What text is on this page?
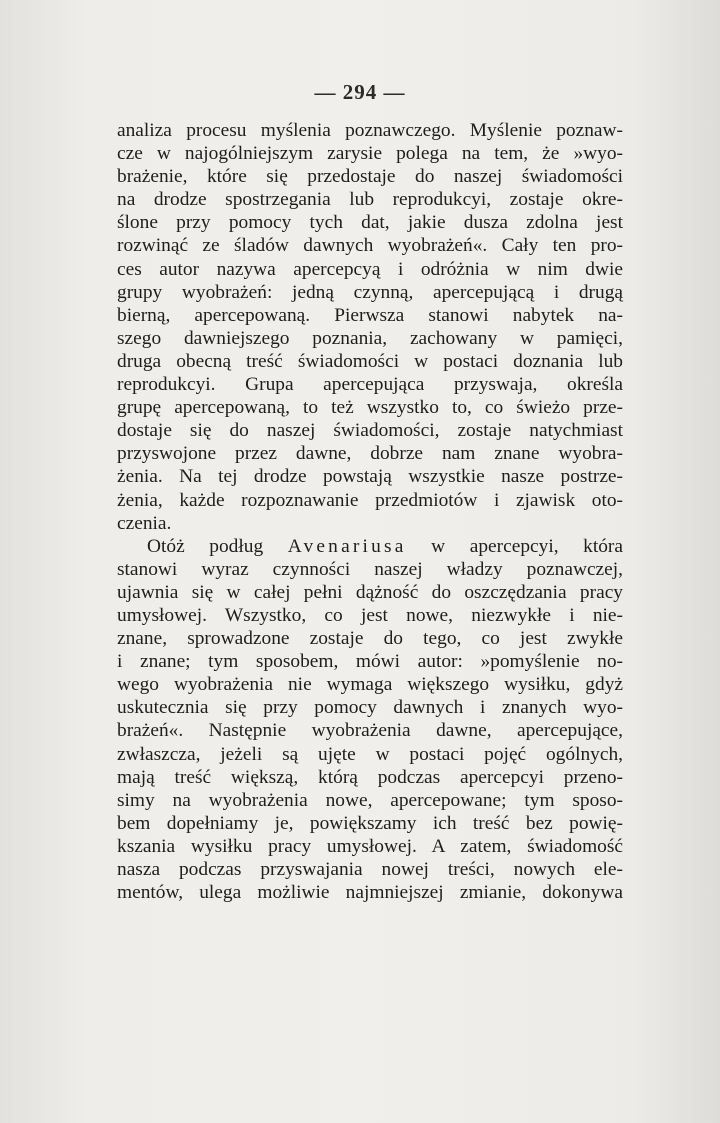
— 294 —
analiza procesu myślenia poznawczego. Myślenie poznaw-
cze w najogólniejszym zarysie polega na tem, że »wyo-
brażenie, które się przedostaje do naszej świadomości
na drodze spostrzegania lub reprodukcyi, zostaje okre-
ślone przy pomocy tych dat, jakie dusza zdolna jest
rozwinąć ze śladów dawnych wyobrażeń«. Cały ten pro-
ces autor nazywa apercepcyą i odróżnia w nim dwie
grupy wyobrażeń: jedną czynną, apercepującą i drugą
bierną, apercepowaną. Pierwsza stanowi nabytek na-
szego dawniejszego poznania, zachowany w pamięci,
druga obecną treść świadomości w postaci doznania lub
reprodukcyi. Grupa apercepująca przyswaja, określa
grupę apercepowaną, to też wszystko to, co świeżo prze-
dostaje się do naszej świadomości, zostaje natychmiast
przyswojone przez dawne, dobrze nam znane wyobra-
żenia. Na tej drodze powstają wszystkie nasze postrze-
żenia, każde rozpoznawanie przedmiotów i zjawisk oto-
czenia.
Otóż podług Avenariusa w apercepcyi, która
stanowi wyraz czynności naszej władzy poznawczej,
ujawnia się w całej pełni dążność do oszczędzania pracy
umysłowej. Wszystko, co jest nowe, niezwykłe i nie-
znane, sprowadzone zostaje do tego, co jest zwykłe
i znane; tym sposobem, mówi autor: »pomyślenie no-
wego wyobrażenia nie wymaga większego wysiłku, gdyż
uskutecznia się przy pomocy dawnych i znanych wyo-
brażeń«. Następnie wyobrażenia dawne, apercepujące,
zwłaszcza, jeżeli są ujęte w postaci pojęć ogólnych,
mają treść większą, którą podczas apercepcyi przeno-
simy na wyobrażenia nowe, apercepowane; tym sposo-
bem dopełniamy je, powiększamy ich treść bez powię-
kszania wysiłku pracy umysłowej. A zatem, świadomość
nasza podczas przyswajania nowej treści, nowych ele-
mentów, ulega możliwie najmniejszej zmianie, dokonywa
